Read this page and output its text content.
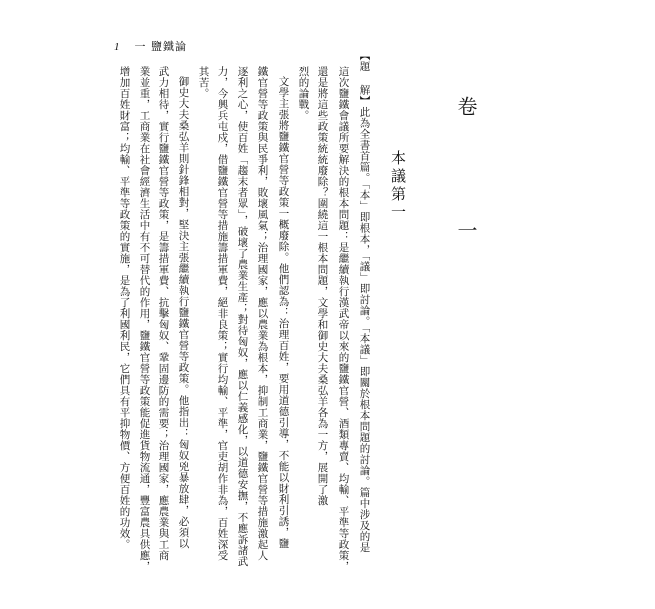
1 一 鹽鐵論
卷 一
本議第一
【題 解】此為全書首篇。「本」即根本，「議」即討論。「本議」即關於根本問題的討論。篇中涉及的是
這次鹽鐵會議所要解決的根本問題：是繼續執行漢武帝以來的鹽鐵官營、酒類專賣、均輸、平準等政策，
還是將這些政策統統廢除？圍繞這一根本問題，文學和御史大夫桑弘羊各為一方，展開了激
烈的論戰。
文學主張將鹽鐵官營等政策一概廢除。他們認為：治理百姓，要用道德引導，不能以財利引誘，鹽
鐵官營等政策與民爭利，敗壞風氣；治理國家，應以農業為根本，抑制工商業，鹽鐵官營等措施激起人
逐利之心，使百姓「趨末者眾」，破壞了農業生產；對待匈奴，應以仁義感化，以道德安撫，不應訴諸武
力，今興兵屯戍，借鹽鐵官營等措施籌措軍費，絕非良策；實行均輸、平準，官吏胡作非為，百姓深受
其苦。
御史大夫桑弘羊則針鋒相對，堅決主張繼續執行鹽鐵官營等政策。他指出：匈奴兇暴放肆，必須以
武力相待，實行鹽鐵官營等政策，是籌措軍費、抗擊匈奴、鞏固邊防的需要；治理國家，應農業與工商
業並重，工商業在社會經濟生活中有不可替代的作用，鹽鐵官營等政策能促進貨物流通，豐富農具供應，
增加百姓財富；均輸、平準等政策的實施，是為了利國利民，它們具有平抑物價、方便百姓的功效。
